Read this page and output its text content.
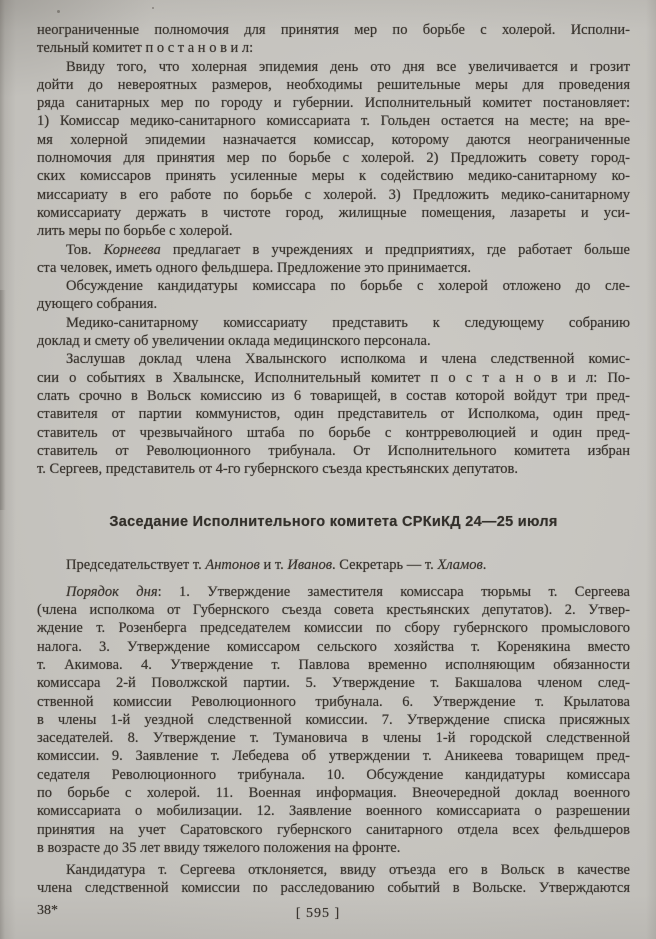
неограниченные полномочия для принятия мер по борьбе с холерой. Исполни-
тельный комитет п о с т а н о в и л:
Ввиду того, что холерная эпидемия день ото дня все увеличивается и грозит
дойти до невероятных размеров, необходимы решительные меры для проведения
ряда санитарных мер по городу и губернии. Исполнительный комитет постановляет:
1) Комиссар медико-санитарного комиссариата т. Гольден остается на месте; на вре-
мя холерной эпидемии назначается комиссар, которому даются неограниченные
полномочия для принятия мер по борьбе с холерой. 2) Предложить совету город-
ских комиссаров принять усиленные меры к содействию медико-санитарному ко-
миссариату в его работе по борьбе с холерой. 3) Предложить медико-санитарному
комиссариату держать в чистоте город, жилищные помещения, лазареты и уси-
лить меры по борьбе с холерой.
Тов. Корнеева предлагает в учреждениях и предприятиях, где работает больше
ста человек, иметь одного фельдшера. Предложение это принимается.
Обсуждение кандидатуры комиссара по борьбе с холерой отложено до сле-
дующего собрания.
Медико-санитарному комиссариату представить к следующему собранию
доклад и смету об увеличении оклада медицинского персонала.
Заслушав доклад члена Хвалынского исполкома и члена следственной комис-
сии о событиях в Хвалынске, Исполнительный комитет п о с т а н о в и л: По-
слать срочно в Вольск комиссию из 6 товарищей, в состав которой войдут три пред-
ставителя от партии коммунистов, один представитель от Исполкома, один пред-
ставитель от чрезвычайного штаба по борьбе с контрреволюцией и один пред-
ставитель от Революционного трибунала. От Исполнительного комитета избран
т. Сергеев, представитель от 4-го губернского съезда крестьянских депутатов.
Заседание Исполнительного комитета СРКиКД 24—25 июля
Председательствует т. Антонов и т. Иванов. Секретарь — т. Хламов.
Порядок дня: 1. Утверждение заместителя комиссара тюрьмы т. Сергеева
(члена исполкома от Губернского съезда совета крестьянских депутатов). 2. Утвер-
ждение т. Розенберга председателем комиссии по сбору губернского промыслового
налога. 3. Утверждение комиссаром сельского хозяйства т. Коренякина вместо
т. Акимова. 4. Утверждение т. Павлова временно исполняющим обязанности
комиссара 2-й Поволжской партии. 5. Утверждение т. Бакшалова членом след-
ственной комиссии Революционного трибунала. 6. Утверждение т. Крылатова
в члены 1-й уездной следственной комиссии. 7. Утверждение списка присяжных
заседателей. 8. Утверждение т. Тумановича в члены 1-й городской следственной
комиссии. 9. Заявление т. Лебедева об утверждении т. Аникеева товарищем пред-
седателя Революционного трибунала. 10. Обсуждение кандидатуры комиссара
по борьбе с холерой. 11. Военная информация. Внеочередной доклад военного
комиссариата о мобилизации. 12. Заявление военного комиссариата о разрешении
принятия на учет Саратовского губернского санитарного отдела всех фельдшеров
в возрасте до 35 лет ввиду тяжелого положения на фронте.
Кандидатура т. Сергеева отклоняется, ввиду отъезда его в Вольск в качестве
члена следственной комиссии по расследованию событий в Вольске. Утверждаются
38*	[ 595 ]
